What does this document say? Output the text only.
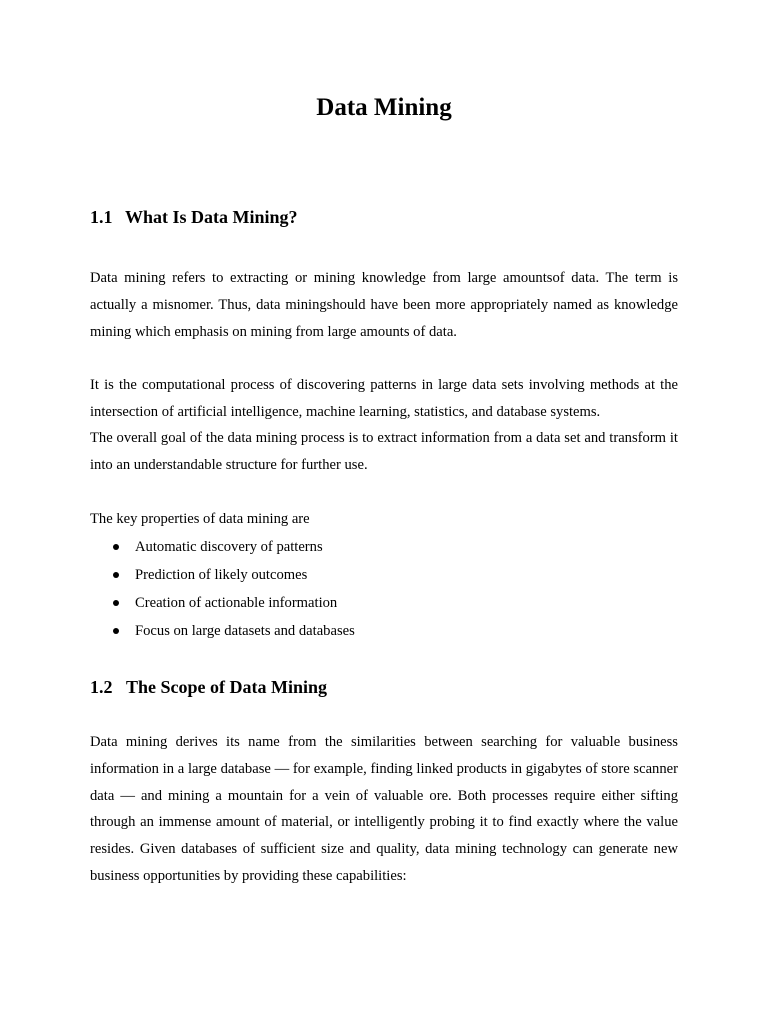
Data Mining
1.1 What Is Data Mining?

Data mining refers to extracting or mining knowledge from large amountsof data. The term is actually a misnomer. Thus, data miningshould have been more appropriately named as knowledge mining which emphasis on mining from large amounts of data.

It is the computational process of discovering patterns in large data sets involving methods at the intersection of artificial intelligence, machine learning, statistics, and database systems.

The overall goal of the data mining process is to extract information from a data set and transform it into an understandable structure for further use.

The key properties of data mining are

Automatic discovery of patterns
Prediction of likely outcomes
Creation of actionable information
Focus on large datasets and databases
1.2 The Scope of Data Mining

Data mining derives its name from the similarities between searching for valuable business information in a large database — for example, finding linked products in gigabytes of store scanner data — and mining a mountain for a vein of valuable ore. Both processes require either sifting through an immense amount of material, or intelligently probing it to find exactly where the value resides. Given databases of sufficient size and quality, data mining technology can generate new business opportunities by providing these capabilities:
